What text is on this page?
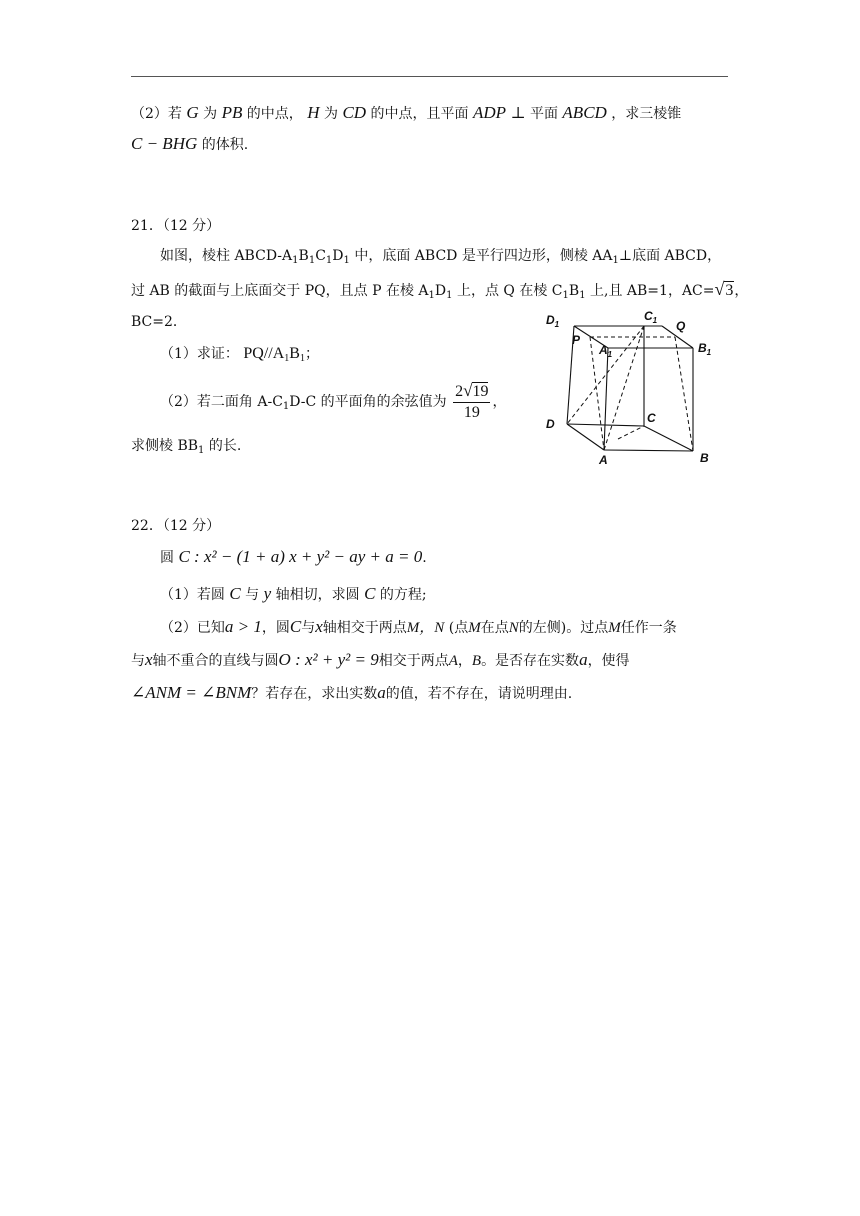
（2）若 G 为 PB 的中点， H 为 CD 的中点，且平面 ADP ⊥ 平面 ABCD ，求三棱锥
C − BHG 的体积.
21．（12 分）
如图，棱柱 ABCD-$A_1B_1C_1D_1$ 中，底面 ABCD 是平行四边形，侧棱 $AA_1\perp$底面 ABCD，
过 AB 的截面与上底面交于 PQ，且点 P 在棱 $A_1D_1$ 上，点 Q 在棱 $C_1B_1$ 上,且 AB=1，AC=√3，
BC=2．
（1）求证： $PQ//A_1B_1$；
（2）若二面角 $A-C_1D-C$ 的平面角的余弦值为 $\frac{2√19}{19}$ ，
求侧棱 $BB_1$ 的长.
$D_1$
$C_1$ Q
P
$A_1$	$B_1$
D	C
A	B
22．（12 分）
圆 C : x² − (1 + a) x + y² − ay + a = 0.
（1）若圆 C 与 y 轴相切，求圆 C 的方程;
（2）已知a > 1，圆C与x轴相交于两点M，N (点M在点N的左侧)。过点M任作一条
与x轴不重合的直线与圆O : x² + y² = 9相交于两点A，B。是否存在实数a，使得
∠ANM = ∠BNM？若存在，求出实数a的值，若不存在，请说明理由.
